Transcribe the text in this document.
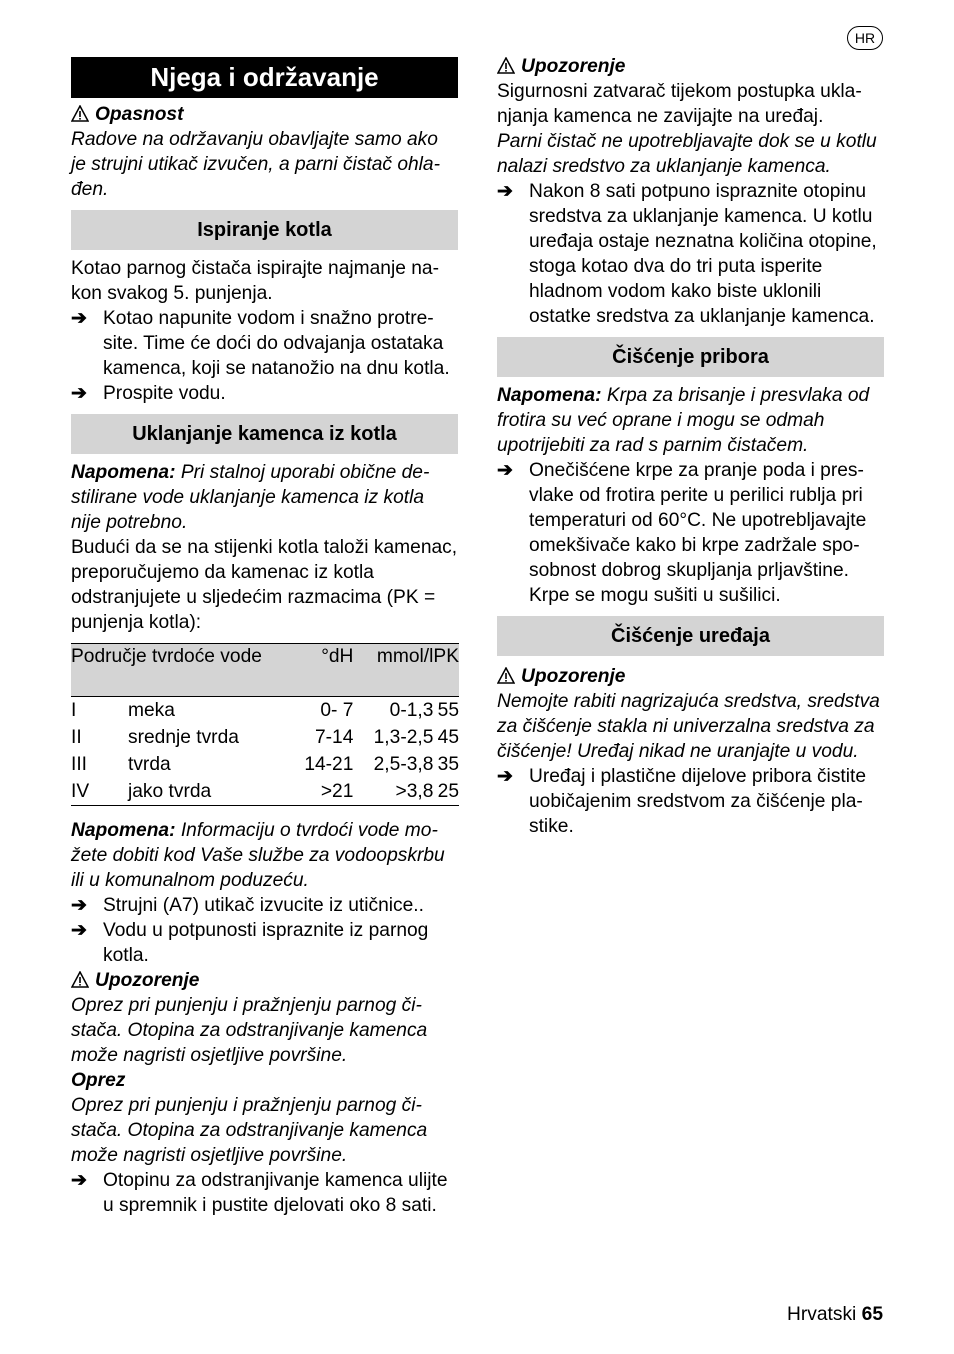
HR
Njega i održavanje
Opasnost

Radove na održavanju obavljajte samo ako je strujni utikač izvučen, a parni čistač ohlađen.

Ispiranje kotla

Kotao parnog čistača ispirajte najmanje nakon svakog 5. punjenja.

➔ Kotao napunite vodom i snažno protresite. Time će doći do odvajanja ostataka kamenca, koji se natanožio na dnu kotla.
➔ Prospite vodu.
Uklanjanje kamenca iz kotla

Napomena: Pri stalnoj uporabi obične destilirane vode uklanjanje kamenca iz kotla nije potrebno.

Budući da se na stijenki kotla taloži kamenac, preporučujemo da kamenac iz kotla odstranjujete u sljedećim razmacima (PK = punjenja kotla):

Područje tvrdoće vode		°dH	mmol/l	PK
I	meka	0- 7	0-1,3	55
II	srednje tvrda	7-14	1,3-2,5	45
III	tvrda	14-21	2,5-3,8	35
IV	jako tvrda	>21	>3,8	25

Napomena: Informaciju o tvrdoći vode možete dobiti kod Vaše službe za vodoopskrbu ili u komunalnom poduzeću.

➔ Strujni (A7) utikač izvucite iz utičnice..
➔ Vodu u potpunosti ispraznite iz parnog kotla.
Upozorenje

Oprez pri punjenju i pražnjenju parnog čistača. Otopina za odstranjivanje kamenca može nagristi osjetljive površine.

Oprez

Oprez pri punjenju i pražnjenju parnog čistača. Otopina za odstranjivanje kamenca može nagristi osjetljive površine.

➔ Otopinu za odstranjivanje kamenca ulijte u spremnik i pustite djelovati oko 8 sati.
Upozorenje

Sigurnosni zatvarač tijekom postupka uklanjanja kamenca ne zavijajte na uređaj.

Parni čistač ne upotrebljavajte dok se u kotlu nalazi sredstvo za uklanjanje kamenca.

➔ Nakon 8 sati potpuno ispraznite otopinu sredstva za uklanjanje kamenca. U kotlu uređaja ostaje neznatna količina otopine, stoga kotao dva do tri puta isperite hladnom vodom kako biste uklonili ostatke sredstva za uklanjanje kamenca.
Čišćenje pribora

Napomena: Krpa za brisanje i presvlaka od frotira su već oprane i mogu se odmah upotrijebiti za rad s parnim čistačem.

➔ Onečišćene krpe za pranje poda i presvlake od frotira perite u perilici rublja pri temperaturi od 60°C. Ne upotrebljavajte omekšivače kako bi krpe zadržale sposobnost dobrog skupljanja prljavštine. Krpe se mogu sušiti u sušilici.
Čišćenje uređaja
Upozorenje

Nemojte rabiti nagrizajuća sredstva, sredstva za čišćenje stakla ni univerzalna sredstva za čišćenje! Uređaj nikad ne uranjajte u vodu.

➔ Uređaj i plastične dijelove pribora čistite uobičajenim sredstvom za čišćenje plastike.
Hrvatski 65
